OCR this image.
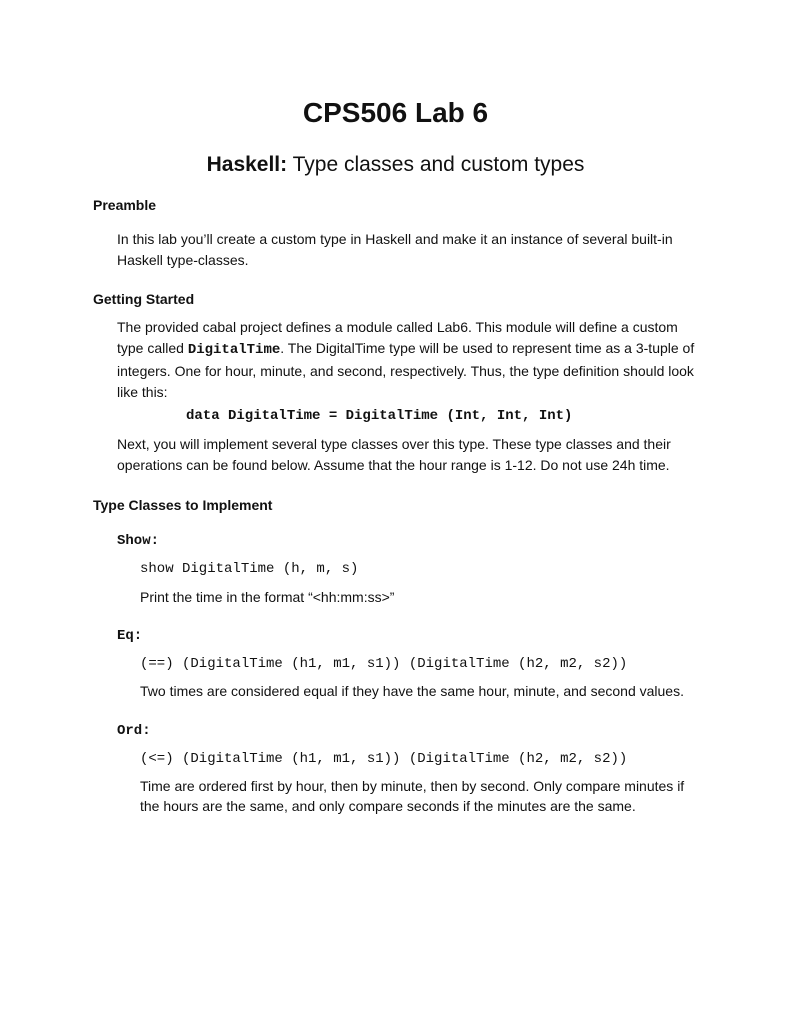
CPS506 Lab 6
Haskell: Type classes and custom types
Preamble
In this lab you’ll create a custom type in Haskell and make it an instance of several built-in Haskell type-classes.
Getting Started
The provided cabal project defines a module called Lab6. This module will define a custom type called DigitalTime. The DigitalTime type will be used to represent time as a 3-tuple of integers. One for hour, minute, and second, respectively. Thus, the type definition should look like this:
data DigitalTime = DigitalTime (Int, Int, Int)
Next, you will implement several type classes over this type. These type classes and their operations can be found below. Assume that the hour range is 1-12. Do not use 24h time.
Type Classes to Implement
Show:
show DigitalTime (h, m, s)
Print the time in the format “<hh:mm:ss>”
Eq:
(==) (DigitalTime (h1, m1, s1)) (DigitalTime (h2, m2, s2))
Two times are considered equal if they have the same hour, minute, and second values.
Ord:
(<=) (DigitalTime (h1, m1, s1)) (DigitalTime (h2, m2, s2))
Time are ordered first by hour, then by minute, then by second. Only compare minutes if the hours are the same, and only compare seconds if the minutes are the same.
